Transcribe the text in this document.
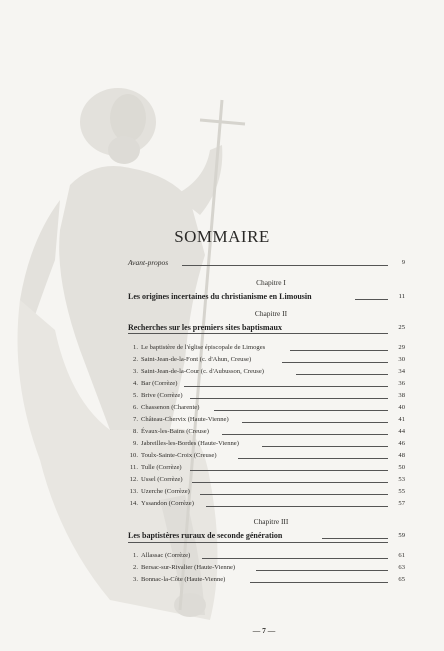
SOMMAIRE
Avant-propos	9
Chapitre I
Les origines incertaines du christianisme en Limousin	11
Chapitre II
Recherches sur les premiers sites baptismaux	25
1. Le baptistère de l'église épiscopale de Limoges	29
2. Saint-Jean-de-la-Font (c. d'Ahun, Creuse)	30
3. Saint-Jean-de-la-Cour (c. d'Aubusson, Creuse)	34
4. Bar (Corrèze)	36
5. Brive (Corrèze)	38
6. Chassenon (Charente)	40
7. Château-Chervix (Haute-Vienne)	41
8. Évaux-les-Bains (Creuse)	44
9. Jabreilles-les-Bordes (Haute-Vienne)	46
10. Toulx-Sainte-Croix (Creuse)	48
11. Tulle (Corrèze)	50
12. Ussel (Corrèze)	53
13. Uzerche (Corrèze)	55
14. Yssandon (Corrèze)	57
Chapitre III
Les baptistères ruraux de seconde génération	59
1. Allassac (Corrèze)	61
2. Bersac-sur-Rivalier (Haute-Vienne)	63
3. Bonnac-la-Côte (Haute-Vienne)	65
— 7 —
